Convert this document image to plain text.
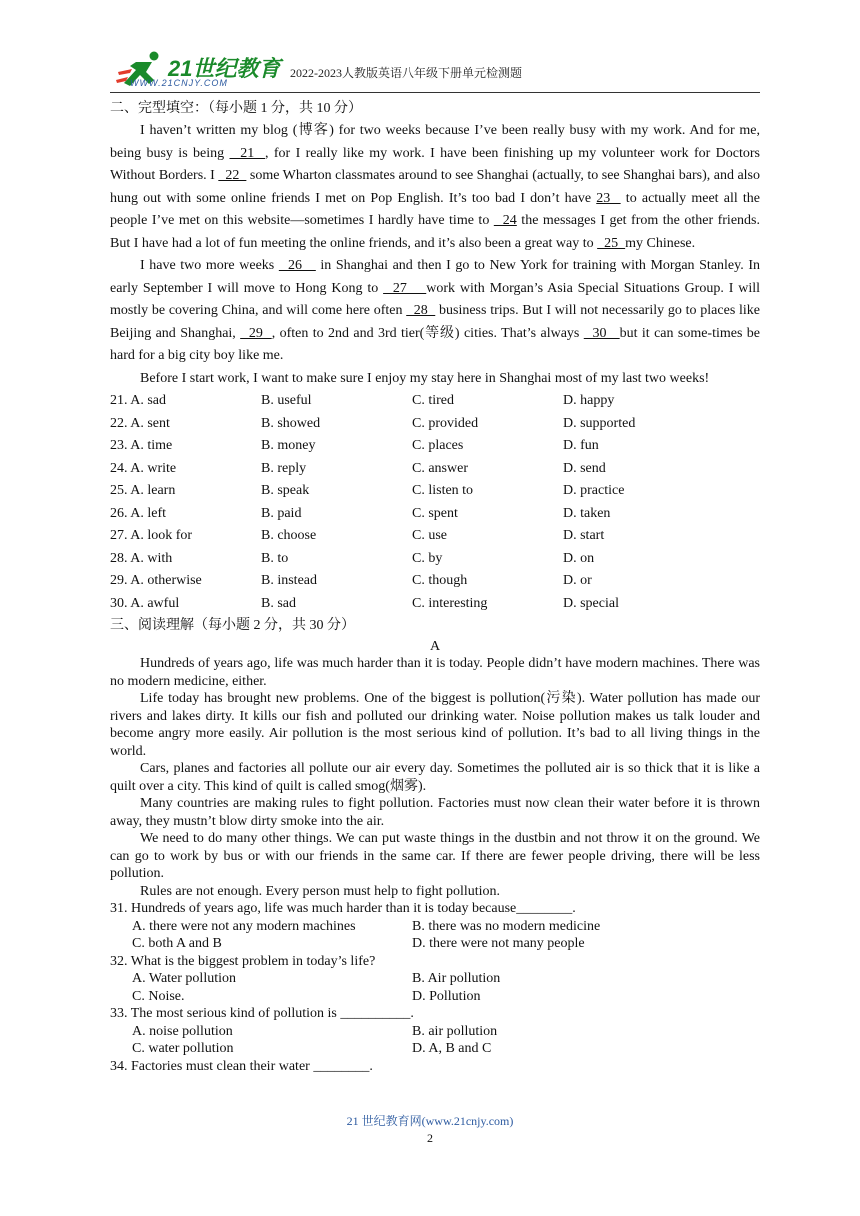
21世纪教育
WWW.21CNJY.COM
2022-2023人教版英语八年级下册单元检测题

二、完型填空：（每小题 1 分，共 10 分）

I haven’t written my blog (博客) for two weeks because I’ve been really busy with my work. And for me, being busy is being   21  , for I really like my work. I have been finishing up my volunteer work for Doctors Without Borders. I   22   some Wharton classmates around to see Shanghai (actually, to see Shanghai bars), and also hung out with some online friends I met on Pop English. It’s too bad I don’t have 23   to actually meet all the people I’ve met on this website—sometimes I hardly have time to   24 the messages I get from the other friends. But I have had a lot of fun meeting the online friends, and it’s also been a great way to   25  my Chinese.

I have two more weeks   26    in Shanghai and then I go to New York for training with Morgan Stanley. In early September I will move to Hong Kong to   27    work with Morgan’s Asia Special Situations Group. I will mostly be covering China, and will come here often   28   business trips. But I will not necessarily go to places like Beijing and Shanghai,   29  , often to 2nd and 3rd tier(等级) cities. That’s always   30   but it can some-times be hard for a big city boy like me.

Before I start work, I want to make sure I enjoy my stay here in Shanghai most of my last two weeks!

21. A. sad	B. useful	C. tired	D. happy
22. A. sent	B. showed	C. provided	D. supported
23. A. time	B. money	C. places	D. fun
24. A. write	B. reply	C. answer	D. send
25. A. learn	B. speak	C. listen to	D. practice
26. A. left	B. paid	C. spent	D. taken
27. A. look for	B. choose	C. use	D. start
28. A. with	B. to	C. by	D. on
29. A. otherwise	B. instead	C. though	D. or
30. A. awful	B. sad	C. interesting	D. special

三、阅读理解（每小题 2 分，共 30 分）

A

Hundreds of years ago, life was much harder than it is today. People didn’t have modern machines. There was no modern medicine, either.

Life today has brought new problems. One of the biggest is pollution(污染). Water pollution has made our rivers and lakes dirty. It kills our fish and polluted our drinking water. Noise pollution makes us talk louder and become angry more easily. Air pollution is the most serious kind of pollution. It’s bad to all living things in the world.

Cars, planes and factories all pollute our air every day. Sometimes the polluted air is so thick that it is like a quilt over a city. This kind of quilt is called smog(烟雾).

Many countries are making rules to fight pollution. Factories must now clean their water before it is thrown away, they mustn’t blow dirty smoke into the air.

We need to do many other things. We can put waste things in the dustbin and not throw it on the ground. We can go to work by bus or with our friends in the same car. If there are fewer people driving, there will be less pollution.

Rules are not enough. Every person must help to fight pollution.

31. Hundreds of years ago, life was much harder than it is today because________.

A. there were not any modern machines	B. there was no modern medicine
C. both A and B	D. there were not many people

32. What is the biggest problem in today’s life?

A. Water pollution	B. Air pollution
C. Noise.	D. Pollution

33. The most serious kind of pollution is __________.

A. noise pollution	B. air pollution
C. water pollution	D. A, B and C

34. Factories must clean their water ________.

21 世纪教育网(www.21cnjy.com)
2
